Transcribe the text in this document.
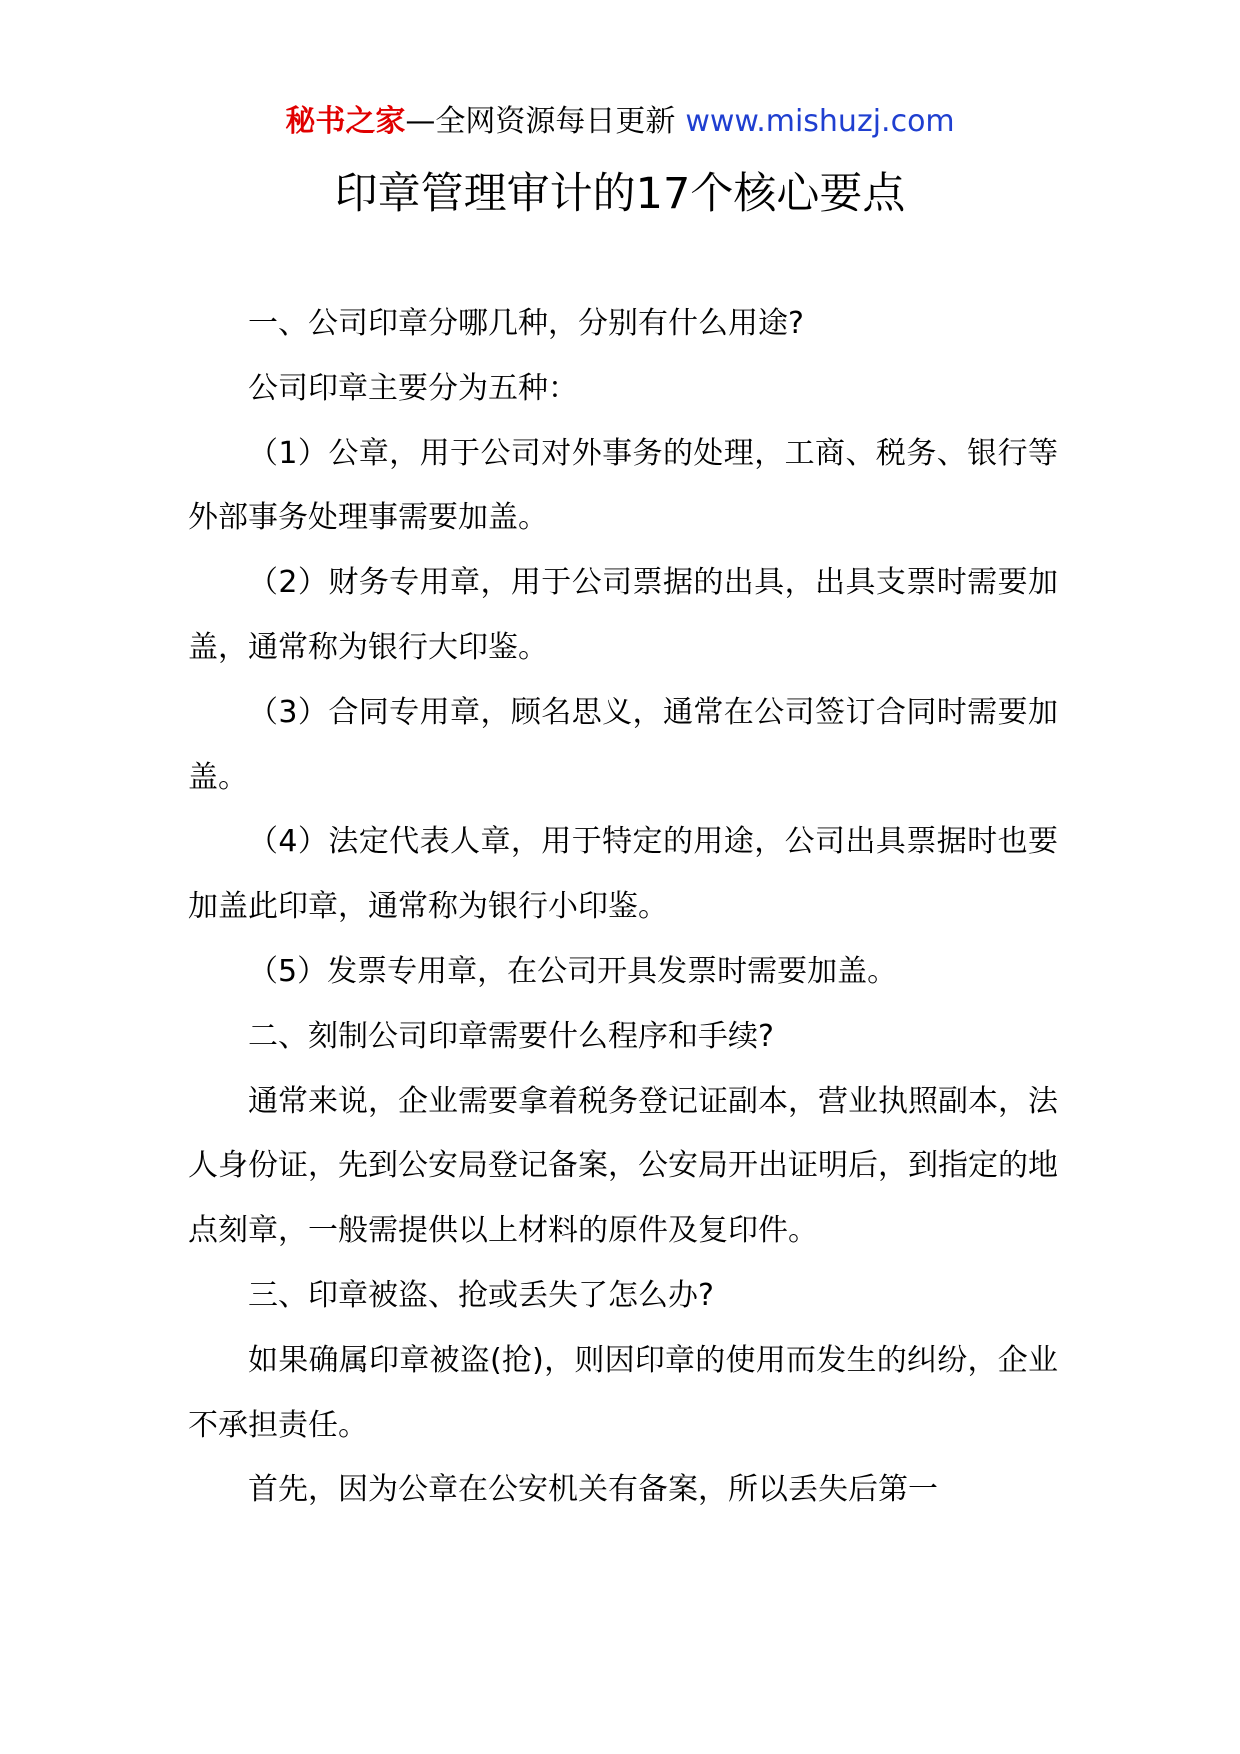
秘书之家—全网资源每日更新 www.mishuzj.com
印章管理审计的17个核心要点

一、公司印章分哪几种，分别有什么用途?

公司印章主要分为五种：

（1）公章，用于公司对外事务的处理，工商、税务、银行等外部事务处理事需要加盖。

（2）财务专用章，用于公司票据的出具，出具支票时需要加盖，通常称为银行大印鉴。

（3）合同专用章，顾名思义，通常在公司签订合同时需要加盖。

（4）法定代表人章，用于特定的用途，公司出具票据时也要加盖此印章，通常称为银行小印鉴。

（5）发票专用章，在公司开具发票时需要加盖。

二、刻制公司印章需要什么程序和手续?

通常来说，企业需要拿着税务登记证副本，营业执照副本，法人身份证，先到公安局登记备案，公安局开出证明后，到指定的地点刻章，一般需提供以上材料的原件及复印件。

三、印章被盗、抢或丢失了怎么办?

如果确属印章被盗(抢)，则因印章的使用而发生的纠纷，企业不承担责任。

首先，因为公章在公安机关有备案，所以丢失后第一
